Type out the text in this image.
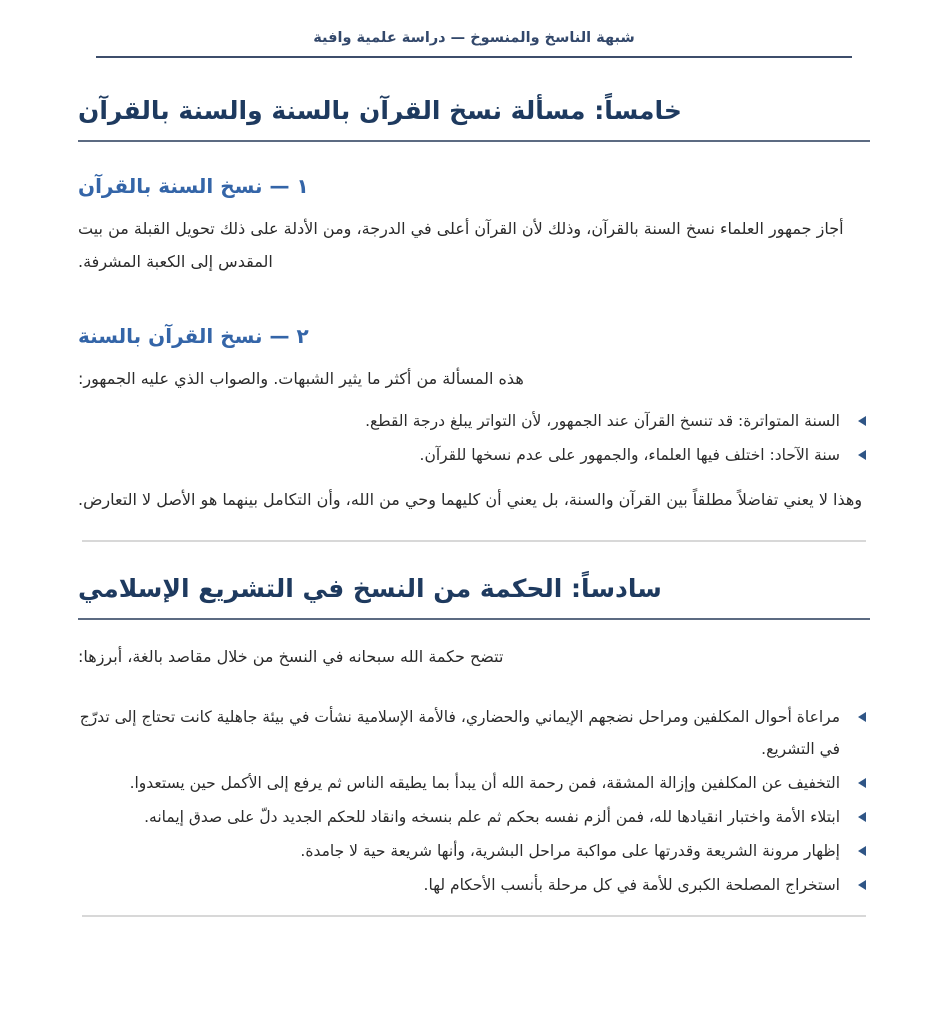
شبهة الناسخ والمنسوخ — دراسة علمية وافية
خامساً: مسألة نسخ القرآن بالسنة والسنة بالقرآن
١ — نسخ السنة بالقرآن

أجاز جمهور العلماء نسخ السنة بالقرآن، وذلك لأن القرآن أعلى في الدرجة، ومن الأدلة على ذلك تحويل القبلة من بيت المقدس إلى الكعبة المشرفة.

٢ — نسخ القرآن بالسنة

هذه المسألة من أكثر ما يثير الشبهات. والصواب الذي عليه الجمهور:

السنة المتواترة: قد تنسخ القرآن عند الجمهور، لأن التواتر يبلغ درجة القطع.
سنة الآحاد: اختلف فيها العلماء، والجمهور على عدم نسخها للقرآن.

وهذا لا يعني تفاضلاً مطلقاً بين القرآن والسنة، بل يعني أن كليهما وحي من الله، وأن التكامل بينهما هو الأصل لا التعارض.

سادساً: الحكمة من النسخ في التشريع الإسلامي

تتضح حكمة الله سبحانه في النسخ من خلال مقاصد بالغة، أبرزها:

مراعاة أحوال المكلفين ومراحل نضجهم الإيماني والحضاري، فالأمة الإسلامية نشأت في بيئة جاهلية كانت تحتاج إلى تدرّج في التشريع.
التخفيف عن المكلفين وإزالة المشقة، فمن رحمة الله أن يبدأ بما يطيقه الناس ثم يرفع إلى الأكمل حين يستعدوا.
ابتلاء الأمة واختبار انقيادها لله، فمن ألزم نفسه بحكم ثم علم بنسخه وانقاد للحكم الجديد دلّ على صدق إيمانه.
إظهار مرونة الشريعة وقدرتها على مواكبة مراحل البشرية، وأنها شريعة حية لا جامدة.
استخراج المصلحة الكبرى للأمة في كل مرحلة بأنسب الأحكام لها.
